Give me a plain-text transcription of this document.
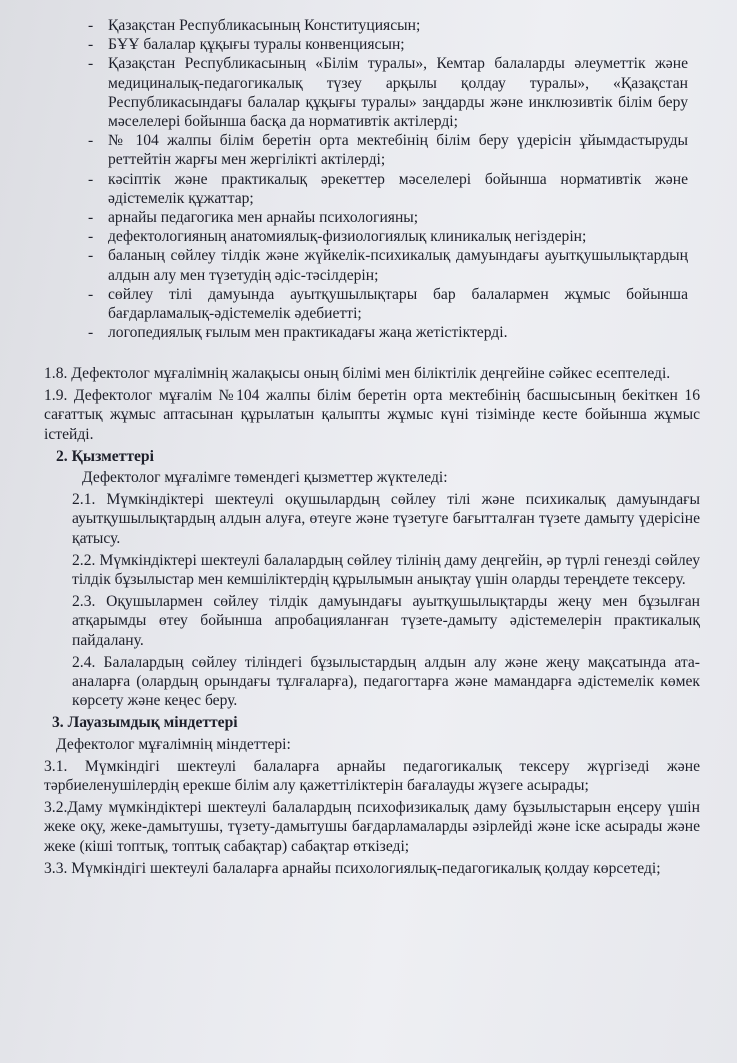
- Қазақстан Республикасының Конституциясын;
- БҰҰ балалар құқығы туралы конвенциясын;
- Қазақстан Республикасының «Білім туралы», Кемтар балаларды әлеуметтік және медициналық-педагогикалық түзеу арқылы қолдау туралы», «Қазақстан Республикасындағы балалар құқығы туралы» заңдарды және инклюзивтік білім беру мәселелері бойынша басқа да нормативтік актілерді;
- № 104 жалпы білім беретін орта мектебінің білім беру үдерісін ұйымдастыруды реттейтін жарғы мен жергілікті актілерді;
- кәсіптік және практикалық әрекеттер мәселелері бойынша нормативтік және әдістемелік құжаттар;
- арнайы педагогика мен арнайы психологияны;
- дефектологияның анатомиялық-физиологиялық клиникалық негіздерін;
- баланың сөйлеу тілдік және жүйкелік-психикалық дамуындағы ауытқушылықтардың алдын алу мен түзетудің әдіс-тәсілдерін;
- сөйлеу тілі дамуында ауытқушылықтары бар балалармен жұмыс бойынша бағдарламалық-әдістемелік әдебиетті;
- логопедиялық ғылым мен практикадағы жаңа жетістіктерді.
1.8. Дефектолог мұғалімнің жалақысы оның білімі мен біліктілік деңгейіне сәйкес есептеледі.
1.9. Дефектолог мұғалім №104 жалпы білім беретін орта мектебінің басшысының бекіткен 16 сағаттық жұмыс аптасынан құрылатын қалыпты жұмыс күні тізімінде кесте бойынша жұмыс істейді.
2. Қызметтері
Дефектолог мұғалімге төмендегі қызметтер жүктеледі:
2.1. Мүмкіндіктері шектеулі оқушылардың сөйлеу тілі және психикалық дамуындағы ауытқушылықтардың алдын алуға, өтеуге және түзетуге бағытталған түзете дамыту үдерісіне қатысу.
2.2. Мүмкіндіктері шектеулі балалардың сөйлеу тілінің даму деңгейін, әр түрлі генезді сөйлеу тілдік бұзылыстар мен кемшіліктердің құрылымын анықтау үшін оларды тереңдете тексеру.
2.3. Оқушылармен сөйлеу тілдік дамуындағы ауытқушылықтарды жеңу мен бұзылған атқарымды өтеу бойынша апробацияланған түзете-дамыту әдістемелерін практикалық пайдалану.
2.4. Балалардың сөйлеу тіліндегі бұзылыстардың алдын алу және жеңу мақсатында ата-аналарға (олардың орындағы тұлғаларға), педагогтарға және мамандарға әдістемелік көмек көрсету және кеңес беру.
3. Лауазымдық міндеттері
Дефектолог мұғалімнің міндеттері:
3.1. Мүмкіндігі шектеулі балаларға арнайы педагогикалық тексеру жүргізеді және тәрбиеленушілердің ерекше білім алу қажеттіліктерін бағалауды жүзеге асырады;
3.2.Даму мүмкіндіктері шектеулі балалардың психофизикалық даму бұзылыстарын еңсеру үшін жеке оқу, жеке-дамытушы, түзету-дамытушы бағдарламаларды әзірлейді және іске асырады және жеке (кіші топтық, топтық сабақтар) сабақтар өткізеді;
3.3. Мүмкіндігі шектеулі балаларға арнайы психологиялық-педагогикалық қолдау көрсетеді;
